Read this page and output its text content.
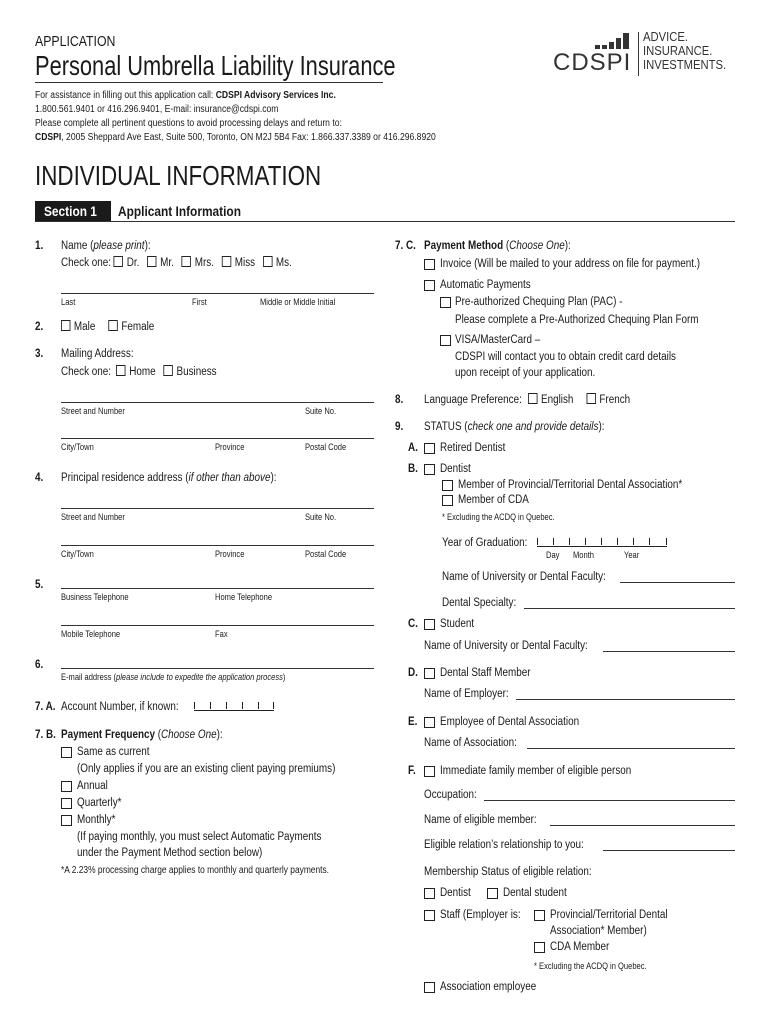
APPLICATION
Personal Umbrella Liability Insurance	CDSPI
ADVICE.
INSURANCE.
INVESTMENTS.
For assistance in filling out this application call: CDSPI Advisory Services Inc.
1.800.561.9401 or 416.296.9401, E-mail: insurance@cdspi.com
Please complete all pertinent questions to avoid processing delays and return to:
CDSPI, 2005 Sheppard Ave East, Suite 500, Toronto, ON M2J 5B4 Fax: 1.866.337.3389 or 416.296.8920
INDIVIDUAL INFORMATION
Section 1 Applicant Information
1. Name (please print):
Check one: Dr. Mr. Mrs. Miss Ms.
Last	First	Middle or Middle Initial
2.	Male Female
3. Mailing Address:
Check one: Home Business
Street and Number	Suite No.
City/Town	Province	Postal Code
4. Principal residence address (if other than above):
Street and Number	Suite No.
City/Town	Province	Postal Code
5.
Business Telephone	Home Telephone
Mobile Telephone	Fax
6.
E-mail address (please include to expedite the application process)
7. A. Account Number, if known:
7. B. Payment Frequency (Choose One):
Same as current
(Only applies if you are an existing client paying premiums)
Annual
Quarterly*
Monthly*
(If paying monthly, you must select Automatic Payments
under the Payment Method section below)
*A 2.23% processing charge applies to monthly and quarterly payments.
7. C. Payment Method (Choose One):
Invoice (Will be mailed to your address on file for payment.)
Automatic Payments
Pre-authorized Chequing Plan (PAC) -
Please complete a Pre-Authorized Chequing Plan Form
VISA/MasterCard –
CDSPI will contact you to obtain credit card details
upon receipt of your application.
8. Language Preference: English French
9. STATUS (check one and provide details):
A. Retired Dentist
B. Dentist
Member of Provincial/Territorial Dental Association*
Member of CDA
* Excluding the ACDQ in Quebec.
Year of Graduation:
Day Month	Year
Name of University or Dental Faculty:
Dental Specialty:
C. Student
Name of University or Dental Faculty:
D. Dental Staff Member
Name of Employer:
E. Employee of Dental Association
Name of Association:
F. Immediate family member of eligible person
Occupation:
Name of eligible member:
Eligible relation’s relationship to you:
Membership Status of eligible relation:
Dentist	Dental student
Staff (Employer is:	Provincial/Territorial Dental
Association* Member)
CDA Member
* Excluding the ACDQ in Quebec.
Association employee
